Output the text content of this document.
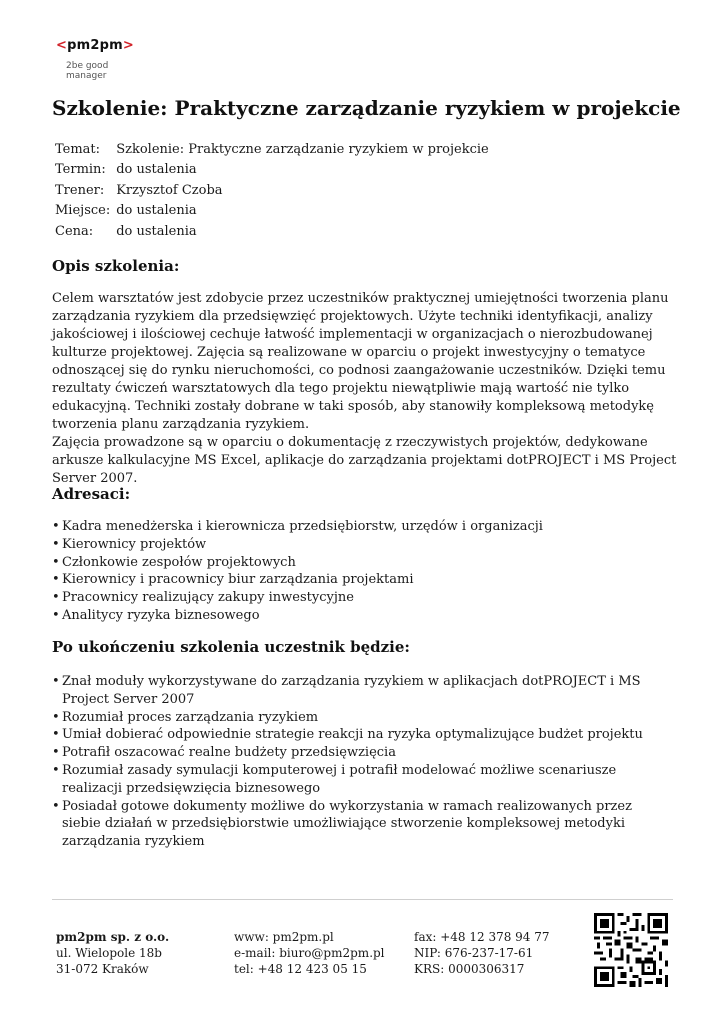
<pm2pm>
2be good
manager
Szkolenie: Praktyczne zarządzanie ryzykiem w projekcie
Temat:	Szkolenie: Praktyczne zarządzanie ryzykiem w projekcie
Termin:	do ustalenia
Trener:	Krzysztof Czoba
Miejsce:	do ustalenia
Cena:	do ustalenia
Opis szkolenia:

Celem warsztatów jest zdobycie przez uczestników praktycznej umiejętności tworzenia planu zarządzania ryzykiem dla przedsięwzięć projektowych. Użyte techniki identyfikacji, analizy jakościowej i ilościowej cechuje łatwość implementacji w organizacjach o nierozbudowanej kulturze projektowej. Zajęcia są realizowane w oparciu o projekt inwestycyjny o tematyce odnoszącej się do rynku nieruchomości, co podnosi zaangażowanie uczestników. Dzięki temu rezultaty ćwiczeń warsztatowych dla tego projektu niewątpliwie mają wartość nie tylko edukacyjną. Techniki zostały dobrane w taki sposób, aby stanowiły kompleksową metodykę tworzenia planu zarządzania ryzykiem.

Zajęcia prowadzone są w oparciu o dokumentację z rzeczywistych projektów, dedykowane arkusze kalkulacyjne MS Excel, aplikacje do zarządzania projektami dotPROJECT i MS Project Server 2007.

Adresaci:
• Kadra menedżerska i kierownicza przedsiębiorstw, urzędów i organizacji
• Kierownicy projektów
• Członkowie zespołów projektowych
• Kierownicy i pracownicy biur zarządzania projektami
• Pracownicy realizujący zakupy inwestycyjne
• Analitycy ryzyka biznesowego
Po ukończeniu szkolenia uczestnik będzie:
• Znał moduły wykorzystywane do zarządzania ryzykiem w aplikacjach dotPROJECT i MS Project Server 2007
• Rozumiał proces zarządzania ryzykiem
• Umiał dobierać odpowiednie strategie reakcji na ryzyka optymalizujące budżet projektu
• Potrafił oszacować realne budżety przedsięwzięcia
• Rozumiał zasady symulacji komputerowej i potrafił modelować możliwe scenariusze realizacji przedsięwzięcia biznesowego
• Posiadał gotowe dokumenty możliwe do wykorzystania w ramach realizowanych przez siebie działań w przedsiębiorstwie umożliwiające stworzenie kompleksowej metodyki zarządzania ryzykiem
pm2pm sp. z o.o.
ul. Wielopole 18b
31-072 Kraków
www: pm2pm.pl
e-mail: biuro@pm2pm.pl
tel: +48 12 423 05 15
fax: +48 12 378 94 77
NIP: 676-237-17-61
KRS: 0000306317
